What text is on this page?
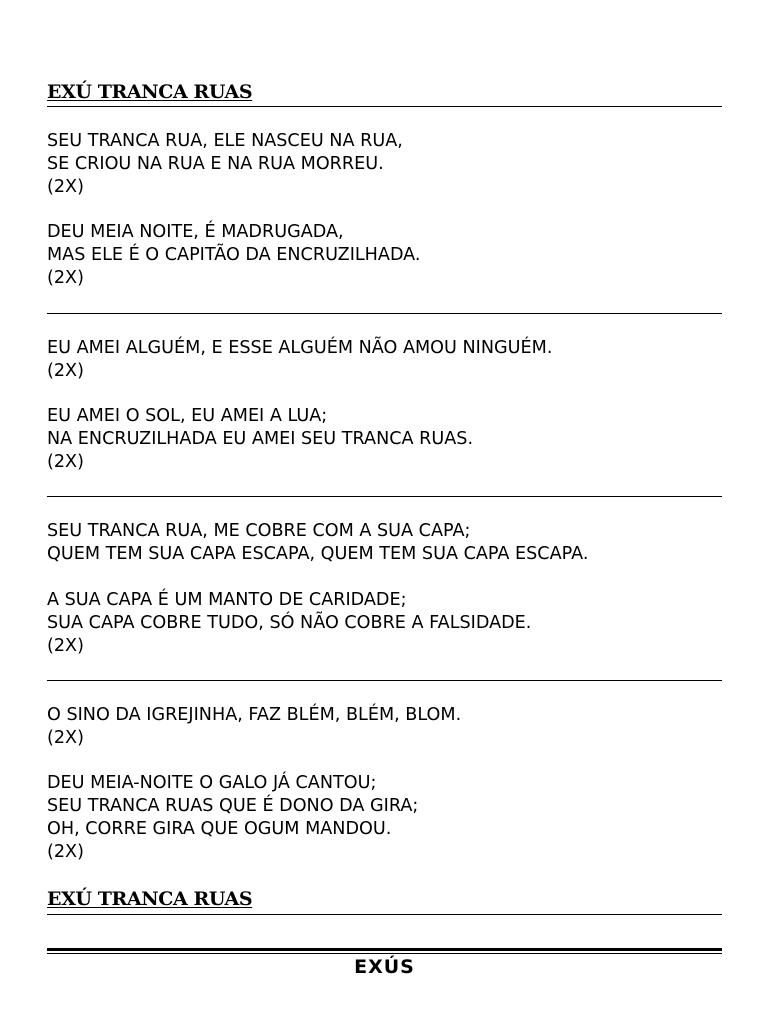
EXÚ TRANCA RUAS
SEU TRANCA RUA, ELE NASCEU NA RUA,
SE CRIOU NA RUA E NA RUA MORREU.
(2X)
DEU MEIA NOITE, É MADRUGADA,
MAS ELE É O CAPITÃO DA ENCRUZILHADA.
(2X)
EU AMEI ALGUÉM, E ESSE ALGUÉM NÃO AMOU NINGUÉM.
(2X)
EU AMEI O SOL, EU AMEI A LUA;
NA ENCRUZILHADA EU AMEI SEU TRANCA RUAS.
(2X)
SEU TRANCA RUA, ME COBRE COM A SUA CAPA;
QUEM TEM SUA CAPA ESCAPA, QUEM TEM SUA CAPA ESCAPA.
A SUA CAPA É UM MANTO DE CARIDADE;
SUA CAPA COBRE TUDO, SÓ NÃO COBRE A FALSIDADE.
(2X)
O SINO DA IGREJINHA, FAZ BLÉM, BLÉM, BLOM.
(2X)
DEU MEIA-NOITE O GALO JÁ CANTOU;
SEU TRANCA RUAS QUE É DONO DA GIRA;
OH, CORRE GIRA QUE OGUM MANDOU.
(2X)
EXÚ TRANCA RUAS
EXÚS
